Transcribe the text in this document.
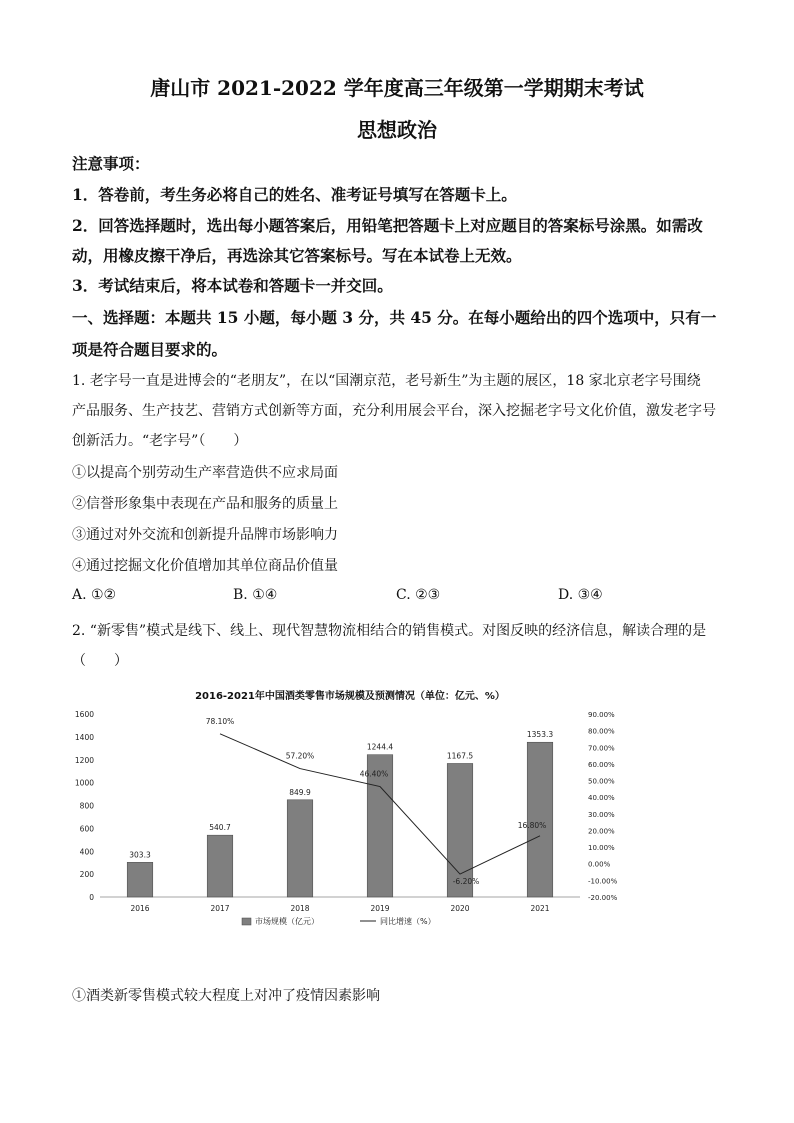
唐山市 2021-2022 学年度高三年级第一学期期末考试
思想政治
注意事项：
1．答卷前，考生务必将自己的姓名、准考证号填写在答题卡上。
2．回答选择题时，选出每小题答案后，用铅笔把答题卡上对应题目的答案标号涂黑。如需改
动，用橡皮擦干净后，再选涂其它答案标号。写在本试卷上无效。
3．考试结束后，将本试卷和答题卡一并交回。
一、选择题：本题共 15 小题，每小题 3 分，共 45 分。在每小题给出的四个选项中，只有一
项是符合题目要求的。
1. 老字号一直是进博会的“老朋友”，在以“国潮京范，老号新生”为主题的展区，18 家北京老字号围绕
产品服务、生产技艺、营销方式创新等方面，充分利用展会平台，深入挖掘老字号文化价值，激发老字号
创新活力。“老字号”（　　）
①以提高个别劳动生产率营造供不应求局面
②信誉形象集中表现在产品和服务的质量上
③通过对外交流和创新提升品牌市场影响力
④通过挖掘文化价值增加其单位商品价值量
A. ①②	B. ①④	C. ②③	D. ③④
2. “新零售”模式是线下、线上、现代智慧物流相结合的销售模式。对图反映的经济信息，解读合理的是
（　　）
2016-2021年中国酒类零售市场规模及预测情况（单位：亿元、%）
0
200
400
600
800
1000
1200
1400
1600
-20.00%
-10.00%
0.00%
10.00%
20.00%
30.00%
40.00%
50.00%
60.00%
70.00%
80.00%
90.00%
303.3
540.7
849.9
1244.4
1167.5
1353.3
2016	2017	2018	2019	2020	2021
78.10%
57.20%
46.40%
-6.20%
16.80%
市场规模（亿元）	同比增速（%）
①酒类新零售模式较大程度上对冲了疫情因素影响
